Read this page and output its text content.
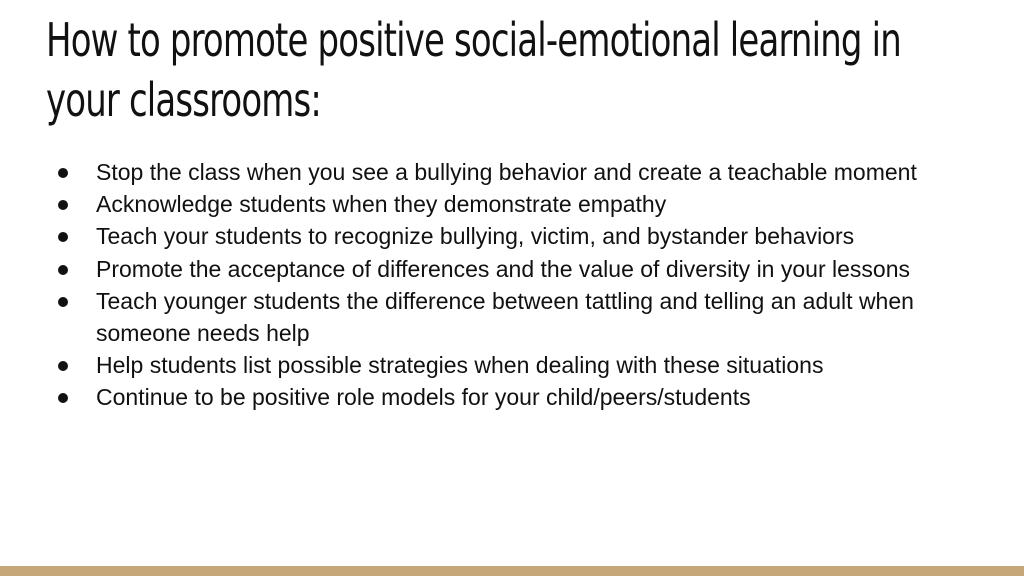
How to promote positive social-emotional learning in your classrooms:
Stop the class when you see a bullying behavior and create a teachable moment
Acknowledge students when they demonstrate empathy
Teach your students to recognize bullying, victim, and bystander behaviors
Promote the acceptance of differences and the value of diversity in your lessons
Teach younger students the difference between tattling and telling an adult when someone needs help
Help students list possible strategies when dealing with these situations
Continue to be positive role models for your child/peers/students
